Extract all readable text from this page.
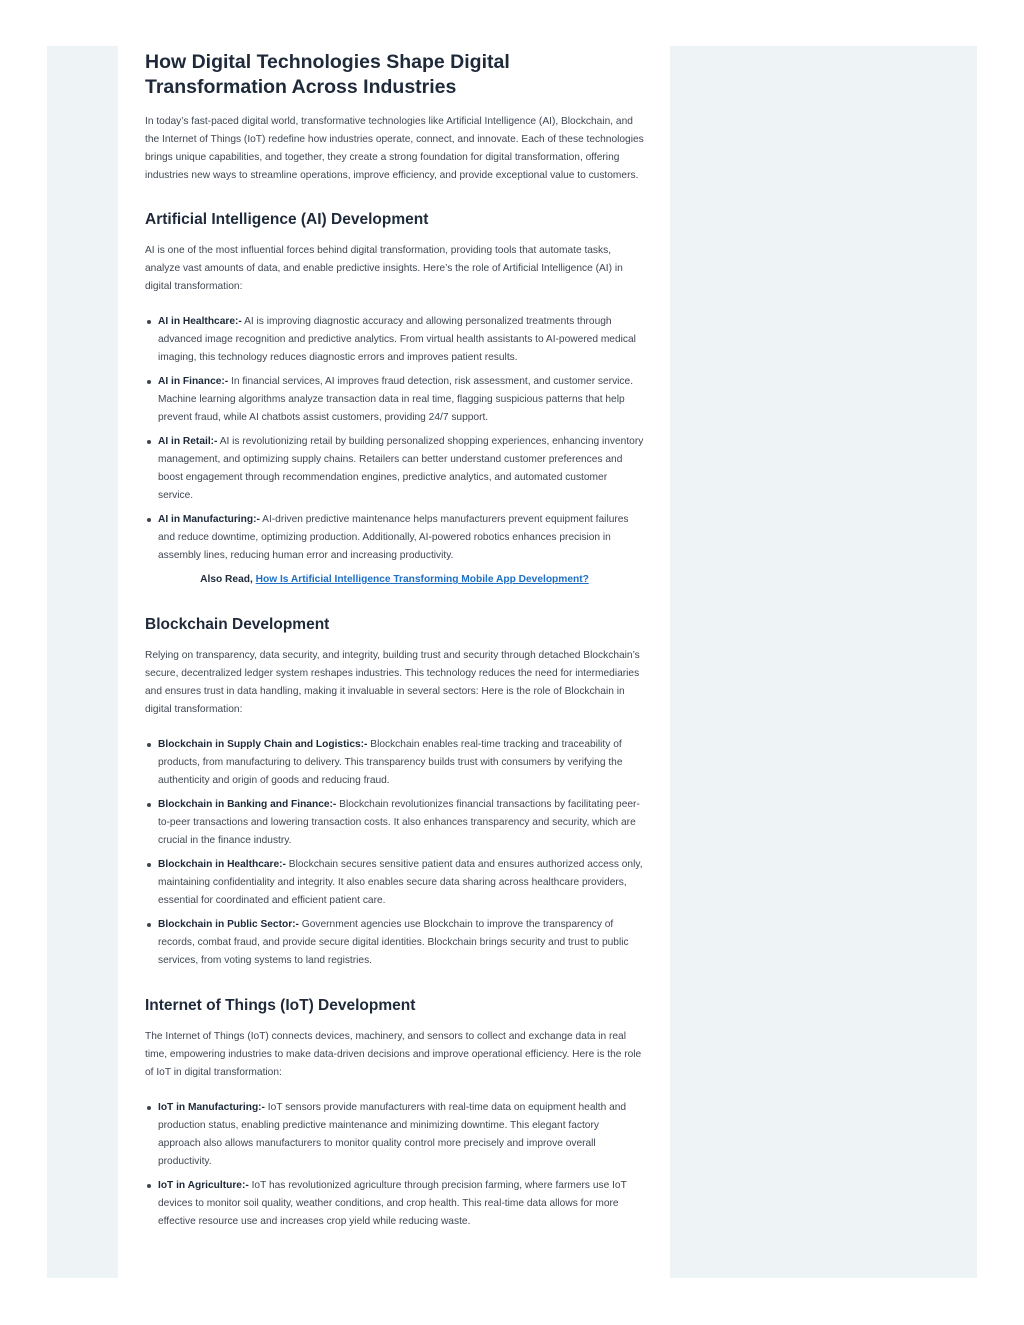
How Digital Technologies Shape Digital Transformation Across Industries

In today’s fast-paced digital world, transformative technologies like Artificial Intelligence (AI), Blockchain, and the Internet of Things (IoT) redefine how industries operate, connect, and innovate. Each of these technologies brings unique capabilities, and together, they create a strong foundation for digital transformation, offering industries new ways to streamline operations, improve efficiency, and provide exceptional value to customers.

Artificial Intelligence (AI) Development

AI is one of the most influential forces behind digital transformation, providing tools that automate tasks, analyze vast amounts of data, and enable predictive insights. Here’s the role of Artificial Intelligence (AI) in digital transformation:

AI in Healthcare:- AI is improving diagnostic accuracy and allowing personalized treatments through advanced image recognition and predictive analytics. From virtual health assistants to AI-powered medical imaging, this technology reduces diagnostic errors and improves patient results.
AI in Finance:- In financial services, AI improves fraud detection, risk assessment, and customer service. Machine learning algorithms analyze transaction data in real time, flagging suspicious patterns that help prevent fraud, while AI chatbots assist customers, providing 24/7 support.
AI in Retail:- AI is revolutionizing retail by building personalized shopping experiences, enhancing inventory management, and optimizing supply chains. Retailers can better understand customer preferences and boost engagement through recommendation engines, predictive analytics, and automated customer service.
AI in Manufacturing:- AI-driven predictive maintenance helps manufacturers prevent equipment failures and reduce downtime, optimizing production. Additionally, AI-powered robotics enhances precision in assembly lines, reducing human error and increasing productivity.
Also Read, How Is Artificial Intelligence Transforming Mobile App Development?
Blockchain Development

Relying on transparency, data security, and integrity, building trust and security through detached Blockchain’s secure, decentralized ledger system reshapes industries. This technology reduces the need for intermediaries and ensures trust in data handling, making it invaluable in several sectors: Here is the role of Blockchain in digital transformation:

Blockchain in Supply Chain and Logistics:- Blockchain enables real-time tracking and traceability of products, from manufacturing to delivery. This transparency builds trust with consumers by verifying the authenticity and origin of goods and reducing fraud.
Blockchain in Banking and Finance:- Blockchain revolutionizes financial transactions by facilitating peer-to-peer transactions and lowering transaction costs. It also enhances transparency and security, which are crucial in the finance industry.
Blockchain in Healthcare:- Blockchain secures sensitive patient data and ensures authorized access only, maintaining confidentiality and integrity. It also enables secure data sharing across healthcare providers, essential for coordinated and efficient patient care.
Blockchain in Public Sector:- Government agencies use Blockchain to improve the transparency of records, combat fraud, and provide secure digital identities. Blockchain brings security and trust to public services, from voting systems to land registries.
Internet of Things (IoT) Development

The Internet of Things (IoT) connects devices, machinery, and sensors to collect and exchange data in real time, empowering industries to make data-driven decisions and improve operational efficiency. Here is the role of IoT in digital transformation:

IoT in Manufacturing:- IoT sensors provide manufacturers with real-time data on equipment health and production status, enabling predictive maintenance and minimizing downtime. This elegant factory approach also allows manufacturers to monitor quality control more precisely and improve overall productivity.
IoT in Agriculture:- IoT has revolutionized agriculture through precision farming, where farmers use IoT devices to monitor soil quality, weather conditions, and crop health. This real-time data allows for more effective resource use and increases crop yield while reducing waste.
